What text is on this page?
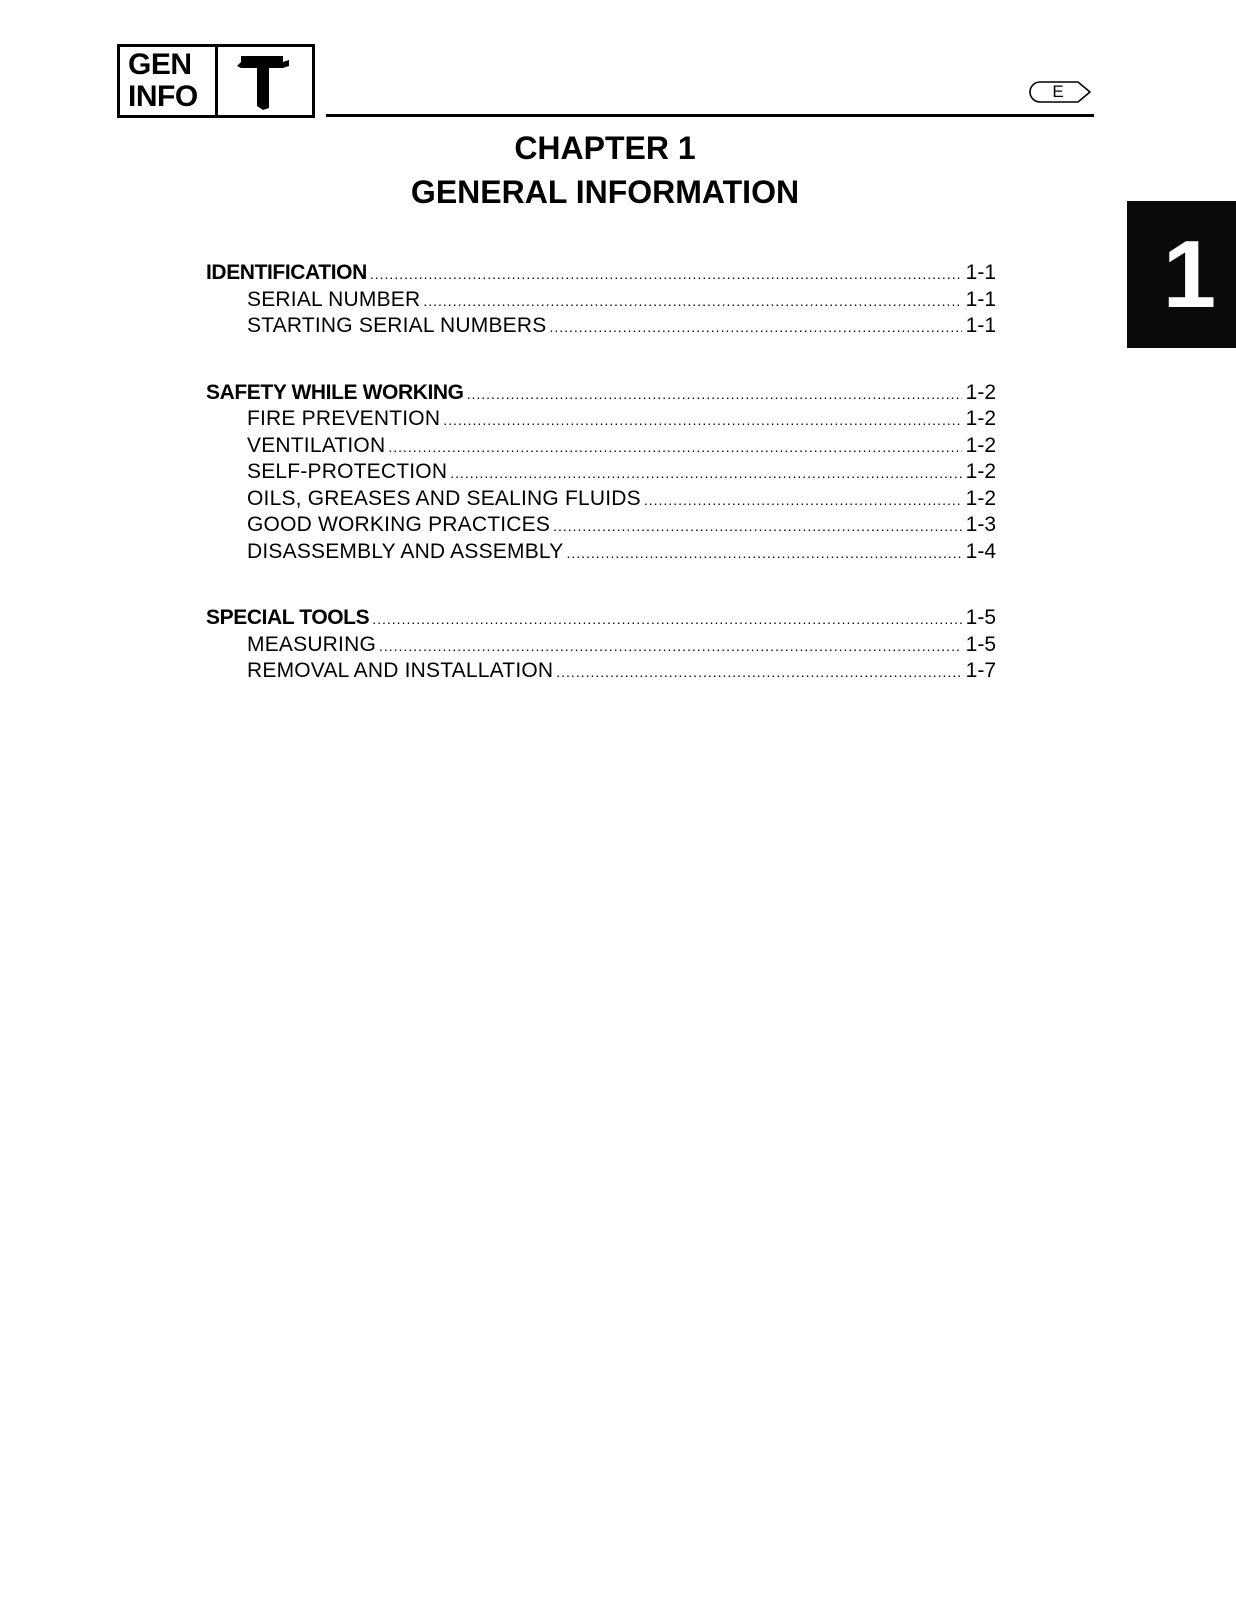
GEN
INFO	E
CHAPTER 1
GENERAL INFORMATION
1
IDENTIFICATION .....	1-1
SERIAL NUMBER .....	1-1
STARTING SERIAL NUMBERS .....	1-1
SAFETY WHILE WORKING .....	1-2
FIRE PREVENTION .....	1-2
VENTILATION .....	1-2
SELF-PROTECTION .....	1-2
OILS, GREASES AND SEALING FLUIDS .....	1-2
GOOD WORKING PRACTICES .....	1-3
DISASSEMBLY AND ASSEMBLY .....	1-4
SPECIAL TOOLS .....	1-5
MEASURING .....	1-5
REMOVAL AND INSTALLATION .....	1-7
